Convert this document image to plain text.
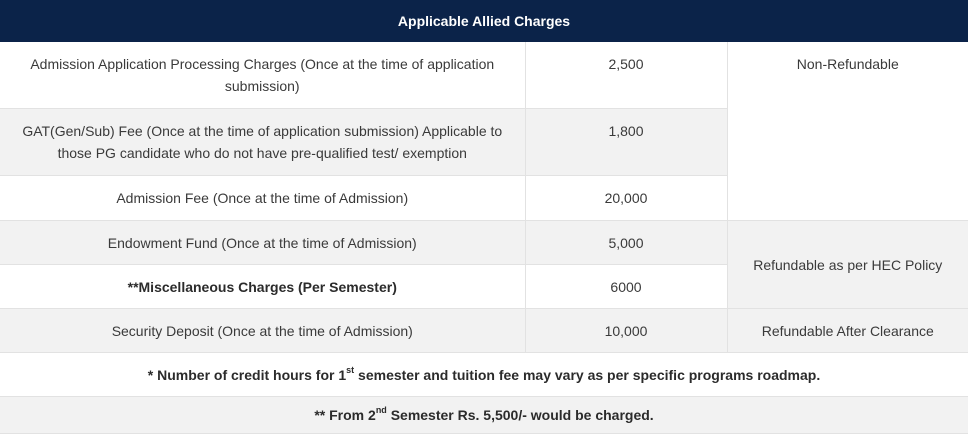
Applicable Allied Charges		
Admission Application Processing Charges (Once at the time of application submission)	2,500	Non-Refundable
GAT(Gen/Sub) Fee (Once at the time of application submission) Applicable to those PG candidate who do not have pre-qualified test/ exemption	1,800	
Admission Fee (Once at the time of Admission)	20,000	
Endowment Fund (Once at the time of Admission)	5,000	Refundable as per HEC Policy
**Miscellaneous Charges (Per Semester)	6000	
Security Deposit (Once at the time of Admission)	10,000	Refundable After Clearance
* Number of credit hours for 1st semester and tuition fee may vary as per specific programs roadmap.		
** From 2nd Semester Rs. 5,500/- would be charged.		
